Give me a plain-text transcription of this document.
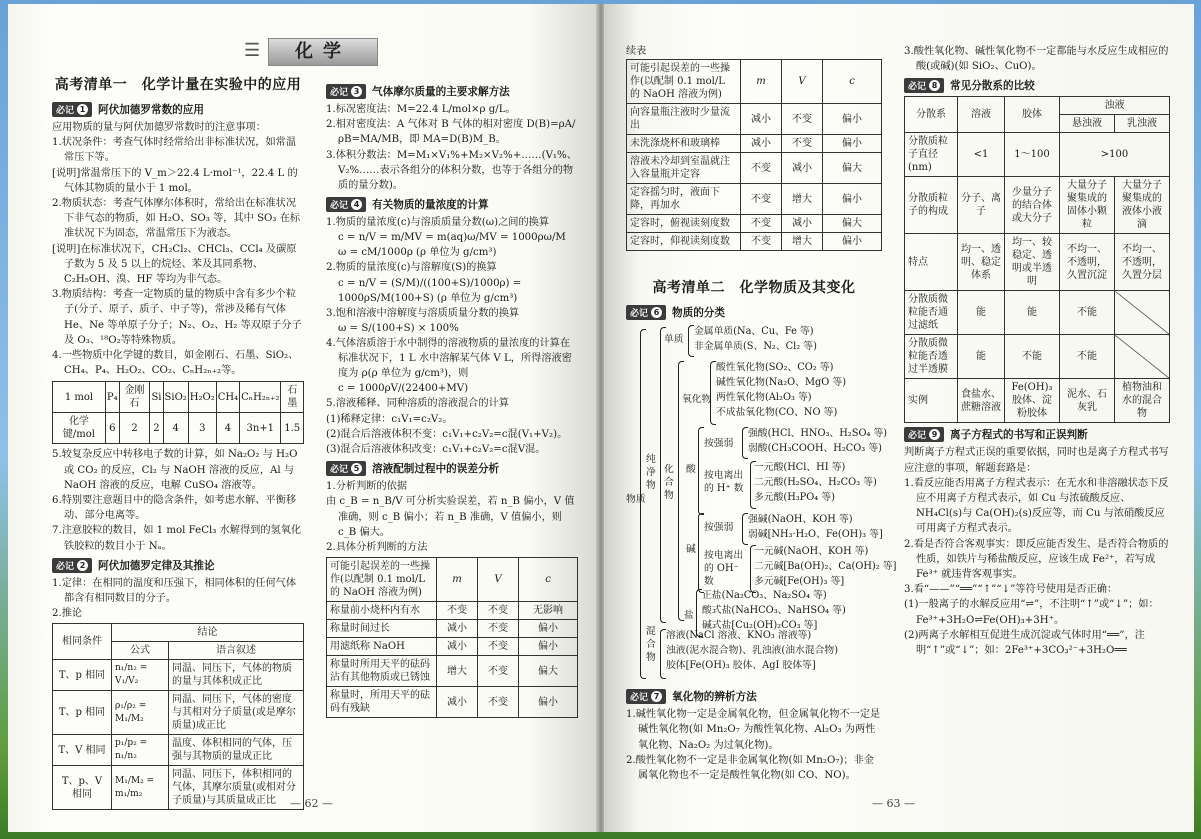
☰	化学
高考清单一　化学计量在实验中的应用
必记 1 阿伏加德罗常数的应用

应用物质的量与阿伏加德罗常数时的注意事项：

1.状况条件：考查气体时经常给出非标准状况，如常温常压下等。

[说明]常温常压下的 V_m＞22.4 L·mol⁻¹，22.4 L 的气体其物质的量小于 1 mol。

2.物质状态：考查气体摩尔体积时，常给出在标准状况下非气态的物质，如 H₂O、SO₃ 等，其中 SO₃ 在标准状况下为固态，常温常压下为液态。

[说明]在标准状况下，CH₂Cl₂、CHCl₃、CCl₄ 及碳原子数为 5 及 5 以上的烷烃、苯及其同系物、C₂H₅OH、溴、HF 等均为非气态。

3.物质结构：考查一定物质的量的物质中含有多少个粒子(分子、原子、质子、中子等)，常涉及稀有气体 He、Ne 等单原子分子；N₂、O₂、H₂ 等双原子分子及 O₃、¹⁸O₂等特殊物质。

4.一些物质中化学键的数目，如金刚石、石墨、SiO₂、CH₄、P₄、H₂O₂、CO₂、CₙH₂ₙ₊₂等。

1 mol	P₄	金刚石	Si	SiO₂	H₂O₂	CH₄	CₙH₂ₙ₊₂	石墨
化学键/mol	6	2	2	4	3	4	3n+1	1.5

5.较复杂反应中转移电子数的计算，如 Na₂O₂ 与 H₂O 或 CO₂ 的反应，Cl₂ 与 NaOH 溶液的反应，Al 与 NaOH 溶液的反应，电解 CuSO₄ 溶液等。

6.特别要注意题目中的隐含条件，如考虑水解、平衡移动、部分电离等。

7.注意胶粒的数目，如 1 mol FeCl₃ 水解得到的氢氧化铁胶粒的数目小于 Nₐ。

必记 2 阿伏加德罗定律及其推论

1.定律：在相同的温度和压强下，相同体积的任何气体都含有相同数目的分子。

2.推论

相同条件	结论	
	公式	语言叙述
T、p 相同	n₁/n₂ = V₁/V₂	同温、同压下，气体的物质的量与其体积成正比
T、p 相同	ρ₁/ρ₂ = M₁/M₂	同温、同压下，气体的密度与其相对分子质量(或是摩尔质量)成正比
T、V 相同	p₁/p₂ = n₁/n₂	温度、体积相同的气体，压强与其物质的量成正比
T、p、V 相同	M₁/M₂ = m₁/m₂	同温、同压下，体积相同的气体，其摩尔质量(或相对分子质量)与其质量成正比
必记 3 气体摩尔质量的主要求解方法

1.标况密度法：M=22.4 L/mol×ρ g/L。

2.相对密度法：A 气体对 B 气体的相对密度 D(B)=ρA/ρB=MA/MB，即 MA=D(B)M_B。

3.体积分数法：M=M₁×V₁%+M₂×V₂%+……(V₁%、V₂%……表示各组分的体积分数，也等于各组分的物质的量分数)。

必记 4 有关物质的量浓度的计算

1.物质的量浓度(c)与溶质质量分数(ω)之间的换算

c = n/V = m/MV = m(aq)ω/MV = 1000ρω/M

ω = cM/1000ρ (ρ 单位为 g/cm³)

2.物质的量浓度(c)与溶解度(S)的换算

c = n/V = (S/M)/((100+S)/1000ρ) = 1000ρS/M(100+S) (ρ 单位为 g/cm³)

3.饱和溶液中溶解度与溶质质量分数的换算

ω = S/(100+S) × 100%

4.气体溶质溶于水中制得的溶液物质的量浓度的计算在标准状况下，1 L 水中溶解某气体 V L，所得溶液密度为 ρ(ρ 单位为 g/cm³)，则

c = 1000ρV/(22400+MV)

5.溶液稀释、同种溶质的溶液混合的计算

(1)稀释定律：c₁V₁=c₂V₂。

(2)混合后溶液体积不变：c₁V₁+c₂V₂=c混(V₁+V₂)。

(3)混合后溶液体积改变：c₁V₁+c₂V₂=c混V混。

必记 5 溶液配制过程中的误差分析

1.分析判断的依据

由 c_B = n_B/V 可分析实验误差，若 n_B 偏小，V 值准确，则 c_B 偏小；若 n_B 准确，V 值偏小，则 c_B 偏大。

2.具体分析判断的方法

可能引起误差的一些操作(以配制 0.1 mol/L 的 NaOH 溶液为例)	m	V	c
称量前小烧杯内有水	不变	不变	无影响
称量时间过长	减小	不变	偏小
用滤纸称 NaOH	减小	不变	偏小
称量时所用天平的砝码沾有其他物质或已锈蚀	增大	不变	偏大
称量时，所用天平的砝码有残缺	减小	不变	偏小
— 62 —
续表
可能引起误差的一些操作(以配制 0.1 mol/L 的 NaOH 溶液为例)	m	V	c
向容量瓶注液时少量流出	减小	不变	偏小
未洗涤烧杯和玻璃棒	减小	不变	偏小
溶液未冷却到室温就注入容量瓶并定容	不变	减小	偏大
定容摇匀时，液面下降，再加水	不变	增大	偏小
定容时，俯视读刻度数	不变	减小	偏大
定容时，仰视读刻度数	不变	增大	偏小
高考清单二　化学物质及其变化
必记 6 物质的分类
物质
纯净物
单质
金属单质(Na、Cu、Fe 等)
非金属单质(S、N₂、Cl₂ 等)
化合物
氧化物
酸性氧化物(SO₂、CO₂ 等)
碱性氧化物(Na₂O、MgO 等)
两性氧化物(Al₂O₃ 等)
不成盐氧化物(CO、NO 等)
酸
按强弱
强酸(HCl、HNO₃、H₂SO₄ 等)
弱酸(CH₃COOH、H₂CO₃ 等)
按电离出的 H⁺ 数
一元酸(HCl、HI 等)
二元酸(H₂SO₄、H₂CO₃ 等)
多元酸(H₃PO₄ 等)
碱
按强弱
强碱(NaOH、KOH 等)
弱碱[NH₃·H₂O、Fe(OH)₃ 等]
按电离出的 OH⁻ 数
一元碱(NaOH、KOH 等)
二元碱[Ba(OH)₂、Ca(OH)₂ 等]
多元碱[Fe(OH)₃ 等]
盐
正盐(Na₂CO₃、Na₂SO₄ 等)
酸式盐(NaHCO₃、NaHSO₄ 等)
碱式盐[Cu₂(OH)₂CO₃ 等]
混合物
溶液(NaCl 溶液、KNO₃ 溶液等)
浊液(泥水混合物)、乳浊液(油水混合物)
胶体[Fe(OH)₃ 胶体、AgI 胶体等]
必记 7 氧化物的辨析方法

1.碱性氧化物一定是金属氧化物，但金属氧化物不一定是碱性氧化物(如 Mn₂O₇ 为酸性氧化物、Al₂O₃ 为两性氧化物、Na₂O₂ 为过氧化物)。

2.酸性氧化物不一定是非金属氧化物(如 Mn₂O₇)；非金属氧化物也不一定是酸性氧化物(如 CO、NO)。

3.酸性氧化物、碱性氧化物不一定都能与水反应生成相应的酸(或碱)(如 SiO₂、CuO)。

必记 8 常见分散系的比较
分散系	溶液	胶体	浊液	
			悬浊液	乳浊液
分散质粒子直径(nm)	<1	1～100	>100	
分散质粒子的构成	分子、离子	少量分子的结合体或大分子	大量分子聚集成的固体小颗粒	大量分子聚集成的液体小液滴
特点	均一、透明、稳定体系	均一、较稳定、透明或半透明	不均一、不透明，久置沉淀	不均一、不透明，久置分层
分散质微粒能否通过滤纸	能	能	不能	
分散质微粒能否透过半透膜	能	不能	不能	
实例	食盐水、蔗糖溶液	Fe(OH)₃ 胶体、淀粉胶体	泥水、石灰乳	植物油和水的混合物
必记 9 离子方程式的书写和正误判断

判断离子方程式正误的重要依据，同时也是离子方程式书写应注意的事项，解题套路是：

1.看反应能否用离子方程式表示：在无水和非溶融状态下反应不用离子方程式表示，如 Cu 与浓硫酸反应、NH₄Cl(s)与 Ca(OH)₂(s)反应等，而 Cu 与浓硝酸反应可用离子方程式表示。

2.看是否符合客观事实：即反应能否发生、是否符合物质的性质，如铁片与稀盐酸反应，应该生成 Fe²⁺，若写成 Fe³⁺ 就违背客观事实。

3.看“——”“══”“↑”“↓”等符号使用是否正确：

(1)一般离子的水解反应用“⇌”，不注明“↑”或“↓”；如：Fe³⁺+3H₂O⇌Fe(OH)₃+3H⁺。

(2)两离子水解相互促进生成沉淀或气体时用“══”，注明“↑”或“↓”；如：2Fe³⁺+3CO₃²⁻+3H₂O══

— 63 —
